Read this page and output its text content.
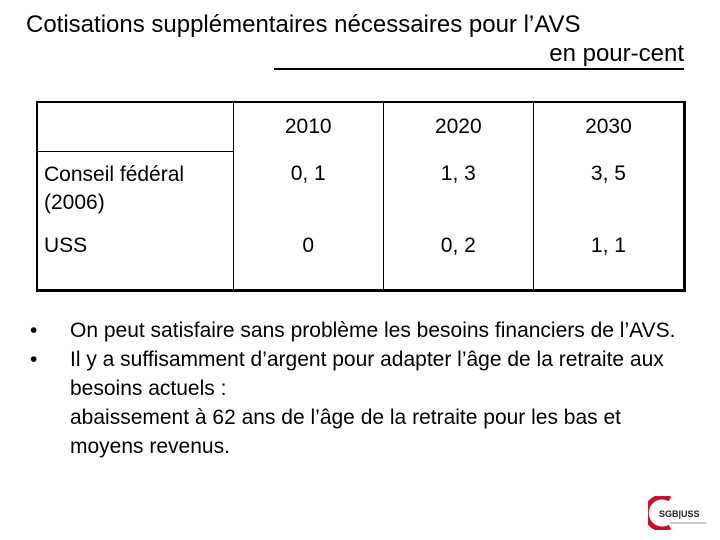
Cotisations supplémentaires nécessaires pour l’AVS
en pour-cent
	2010	2020	2030
Conseil fédéral (2006)	0, 1	1, 3	3, 5
USS	0	0, 2	1, 1
• On peut satisfaire sans problème les besoins financiers de l’AVS.
• Il y a suffisamment d’argent pour adapter l’âge de la retraite aux besoins actuels :
abaissement à 62 ans de l’âge de la retraite pour les bas et moyens revenus.
SGB|USS
